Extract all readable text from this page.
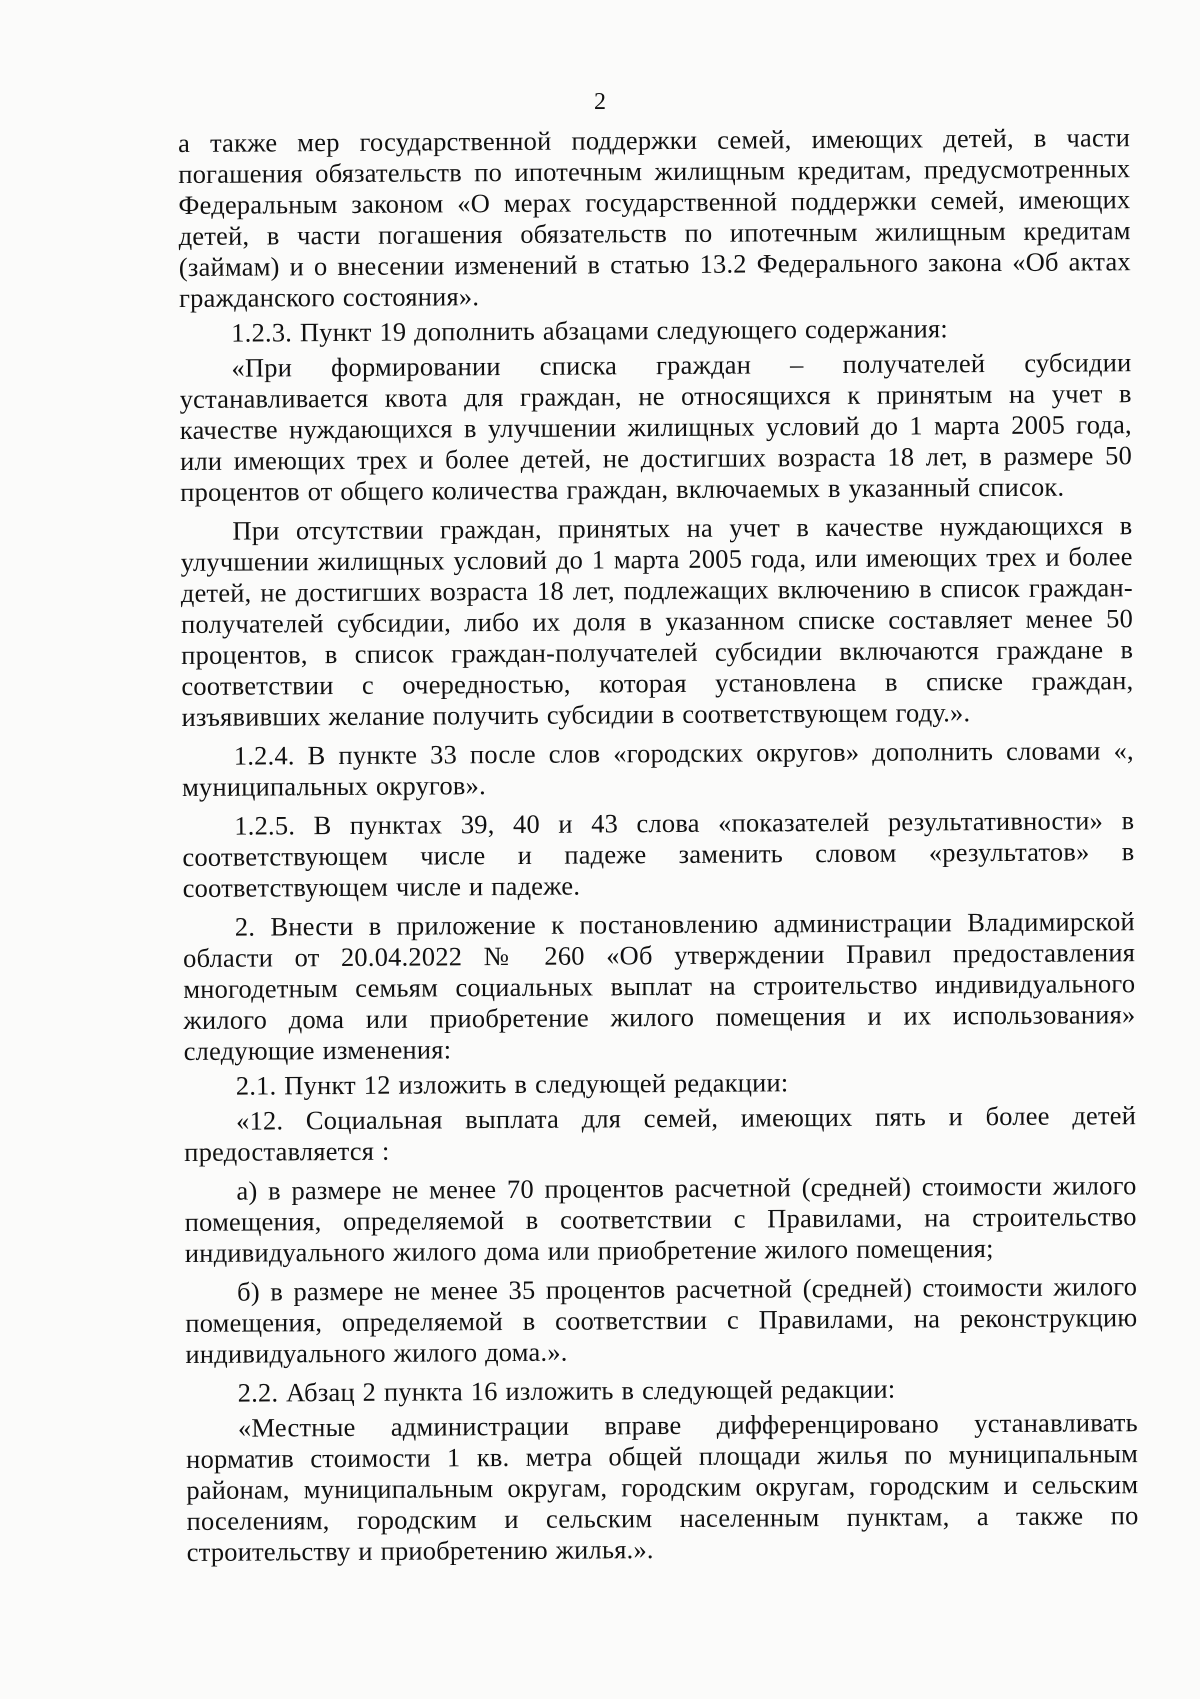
2

а также мер государственной поддержки семей, имеющих детей, в части погашения обязательств по ипотечным жилищным кредитам, предусмотренных Федеральным законом «О мерах государственной поддержки семей, имеющих детей, в части погашения обязательств по ипотечным жилищным кредитам (займам) и о внесении изменений в статью 13.2 Федерального закона «Об актах гражданского состояния».

1.2.3. Пункт 19 дополнить абзацами следующего содержания:

«При формировании списка граждан – получателей субсидии устанавливается квота для граждан, не относящихся к принятым на учет в качестве нуждающихся в улучшении жилищных условий до 1 марта 2005 года, или имеющих трех и более детей, не достигших возраста 18 лет, в размере 50 процентов от общего количества граждан, включаемых в указанный список.

При отсутствии граждан, принятых на учет в качестве нуждающихся в улучшении жилищных условий до 1 марта 2005 года, или имеющих трех и более детей, не достигших возраста 18 лет, подлежащих включению в список граждан-получателей субсидии, либо их доля в указанном списке составляет менее 50 процентов, в список граждан-получателей субсидии включаются граждане в соответствии с очередностью, которая установлена в списке граждан, изъявивших желание получить субсидии в соответствующем году.».

1.2.4. В пункте 33 после слов «городских округов» дополнить словами «, муниципальных округов».

1.2.5. В пунктах 39, 40 и 43 слова «показателей результативности» в соответствующем числе и падеже заменить словом «результатов» в соответствующем числе и падеже.

2. Внести в приложение к постановлению администрации Владимирской области от 20.04.2022 № 260 «Об утверждении Правил предоставления многодетным семьям социальных выплат на строительство индивидуального жилого дома или приобретение жилого помещения и их использования» следующие изменения:

2.1. Пункт 12 изложить в следующей редакции:

«12. Социальная выплата для семей, имеющих пять и более детей предоставляется :

а) в размере не менее 70 процентов расчетной (средней) стоимости жилого помещения, определяемой в соответствии с Правилами, на строительство индивидуального жилого дома или приобретение жилого помещения;

б) в размере не менее 35 процентов расчетной (средней) стоимости жилого помещения, определяемой в соответствии с Правилами, на реконструкцию индивидуального жилого дома.».

2.2. Абзац 2 пункта 16 изложить в следующей редакции:

«Местные администрации вправе дифференцировано устанавливать норматив стоимости 1 кв. метра общей площади жилья по муниципальным районам, муниципальным округам, городским округам, городским и сельским поселениям, городским и сельским населенным пунктам, а также по строительству и приобретению жилья.».
